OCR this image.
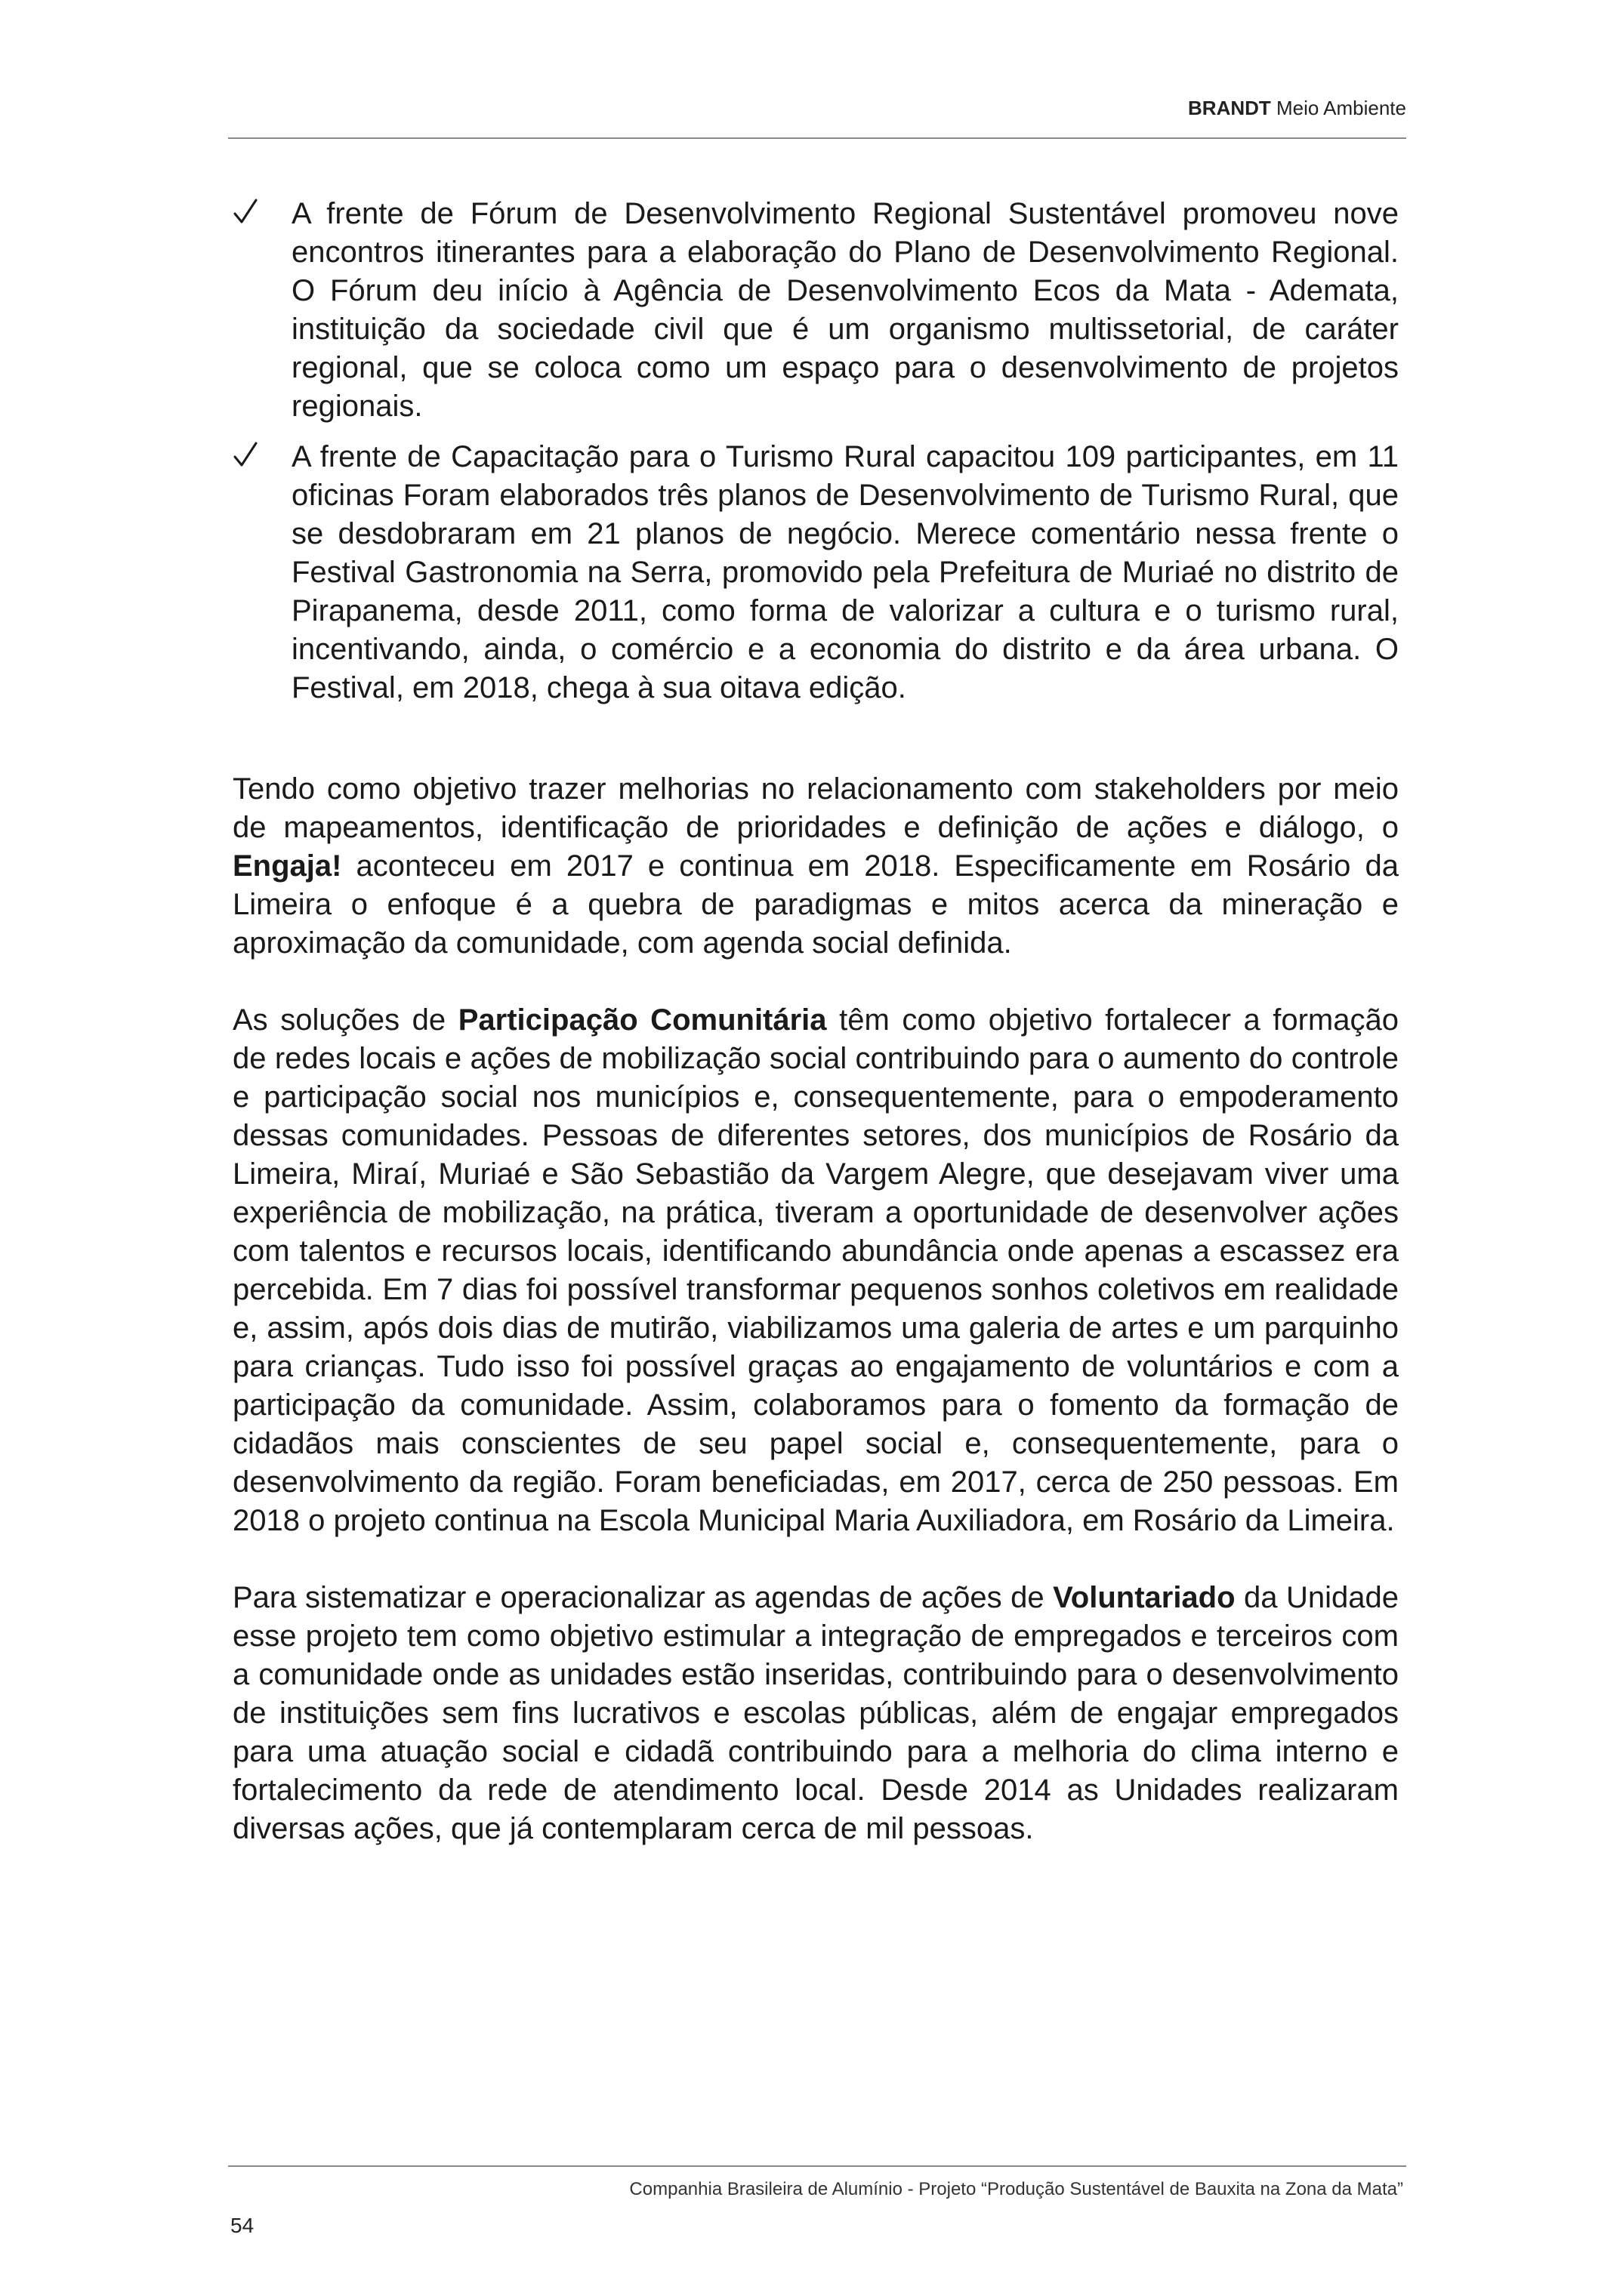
BRANDT Meio Ambiente
A frente de Fórum de Desenvolvimento Regional Sustentável promoveu nove encontros itinerantes para a elaboração do Plano de Desenvolvimento Regional. O Fórum deu início à Agência de Desenvolvimento Ecos da Mata - Ademata, instituição da sociedade civil que é um organismo multissetorial, de caráter regional, que se coloca como um espaço para o desenvolvimento de projetos regionais.
A frente de Capacitação para o Turismo Rural capacitou 109 participantes, em 11 oficinas Foram elaborados três planos de Desenvolvimento de Turismo Rural, que se desdobraram em 21 planos de negócio. Merece comentário nessa frente o Festival Gastronomia na Serra, promovido pela Prefeitura de Muriaé no distrito de Pirapanema, desde 2011, como forma de valorizar a cultura e o turismo rural, incentivando, ainda, o comércio e a economia do distrito e da área urbana. O Festival, em 2018, chega à sua oitava edição.

Tendo como objetivo trazer melhorias no relacionamento com stakeholders por meio de mapeamentos, identificação de prioridades e definição de ações e diálogo, o Engaja! aconteceu em 2017 e continua em 2018. Especificamente em Rosário da Limeira o enfoque é a quebra de paradigmas e mitos acerca da mineração e aproximação da comunidade, com agenda social definida.

As soluções de Participação Comunitária têm como objetivo fortalecer a formação de redes locais e ações de mobilização social contribuindo para o aumento do controle e participação social nos municípios e, consequentemente, para o empoderamento dessas comunidades. Pessoas de diferentes setores, dos municípios de Rosário da Limeira, Miraí, Muriaé e São Sebastião da Vargem Alegre, que desejavam viver uma experiência de mobilização, na prática, tiveram a oportunidade de desenvolver ações com talentos e recursos locais, identificando abundância onde apenas a escassez era percebida. Em 7 dias foi possível transformar pequenos sonhos coletivos em realidade e, assim, após dois dias de mutirão, viabilizamos uma galeria de artes e um parquinho para crianças. Tudo isso foi possível graças ao engajamento de voluntários e com a participação da comunidade. Assim, colaboramos para o fomento da formação de cidadãos mais conscientes de seu papel social e, consequentemente, para o desenvolvimento da região. Foram beneficiadas, em 2017, cerca de 250 pessoas. Em 2018 o projeto continua na Escola Municipal Maria Auxiliadora, em Rosário da Limeira.

Para sistematizar e operacionalizar as agendas de ações de Voluntariado da Unidade esse projeto tem como objetivo estimular a integração de empregados e terceiros com a comunidade onde as unidades estão inseridas, contribuindo para o desenvolvimento de instituições sem fins lucrativos e escolas públicas, além de engajar empregados para uma atuação social e cidadã contribuindo para a melhoria do clima interno e fortalecimento da rede de atendimento local. Desde 2014 as Unidades realizaram diversas ações, que já contemplaram cerca de mil pessoas.

Companhia Brasileira de Alumínio - Projeto “Produção Sustentável de Bauxita na Zona da Mata”
54
